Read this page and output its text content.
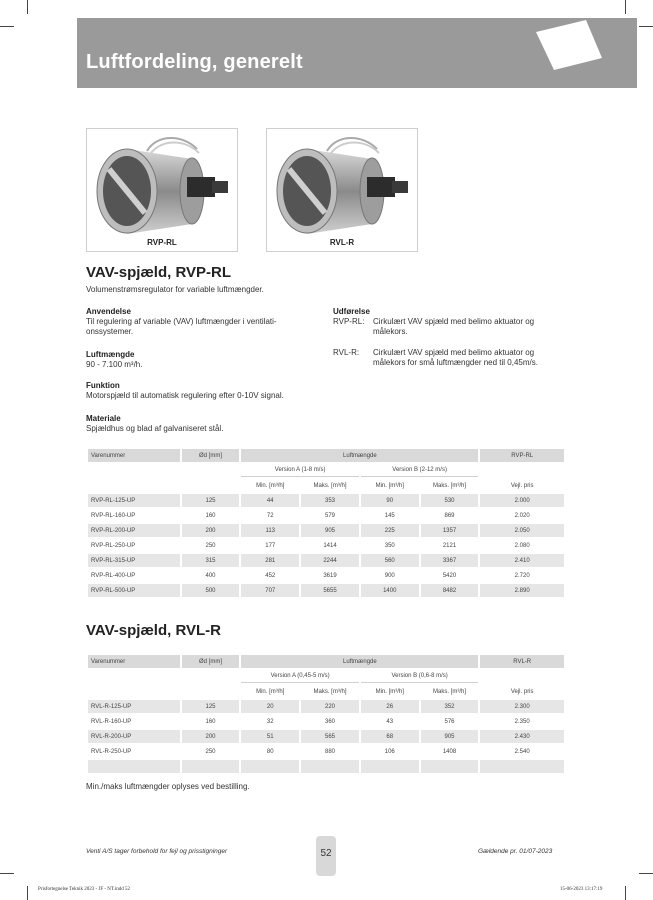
Luftfordeling, generelt
RVP-RL	RVL-R
VAV-spjæld, RVP-RL
Volumenstrømsregulator for variable luftmængder.
Anvendelse
Til regulering af variable (VAV) luftmængder i ventilati-
onssystemer.
Luftmængde
90 - 7.100 m³/h.
Funktion
Motorspjæld til automatisk regulering efter 0-10V signal.
Materiale
Spjældhus og blad af galvaniseret stål.
Udførelse
RVP-RL:	Cirkulært VAV spjæld med belimo aktuator og
målekors.
RVL-R:	Cirkulært VAV spjæld med belimo aktuator og
målekors for små luftmængder ned til 0,45m/s.
Varenummer	Ød [mm]	Luftmængde				RVP-RL
		Version A (1-8 m/s)		Version B (2-12 m/s)		
		Min. [m³/h]	Maks. [m³/h]	Min. [m³/h]	Maks. [m³/h]	Vejl. pris
RVP-RL-125-UP	125	44	353	90	530	2.000
RVP-RL-160-UP	160	72	579	145	869	2.020
RVP-RL-200-UP	200	113	905	225	1357	2.050
RVP-RL-250-UP	250	177	1414	350	2121	2.080
RVP-RL-315-UP	315	281	2244	560	3367	2.410
RVP-RL-400-UP	400	452	3619	900	5420	2.720
RVP-RL-500-UP	500	707	5655	1400	8482	2.890
VAV-spjæld, RVL-R
Varenummer	Ød [mm]	Luftmængde				RVL-R
		Version A (0,45-5 m/s)		Version B (0,6-8 m/s)		
		Min. [m³/h]	Maks. [m³/h]	Min. [m³/h]	Maks. [m³/h]	Vejl. pris
RVL-R-125-UP	125	20	220	26	352	2.300
RVL-R-160-UP	160	32	360	43	576	2.350
RVL-R-200-UP	200	51	565	68	905	2.430
RVL-R-250-UP	250	80	880	106	1408	2.540

Min./maks luftmængder oplyses ved bestilling.
Venti A/S tager forbehold for fejl og prisstigninger	52	Gældende pr. 01/07-2023
Prisfortegnelse Teknik 2023 - JF - NT.indd 52	15-06-2023 13:17:19
